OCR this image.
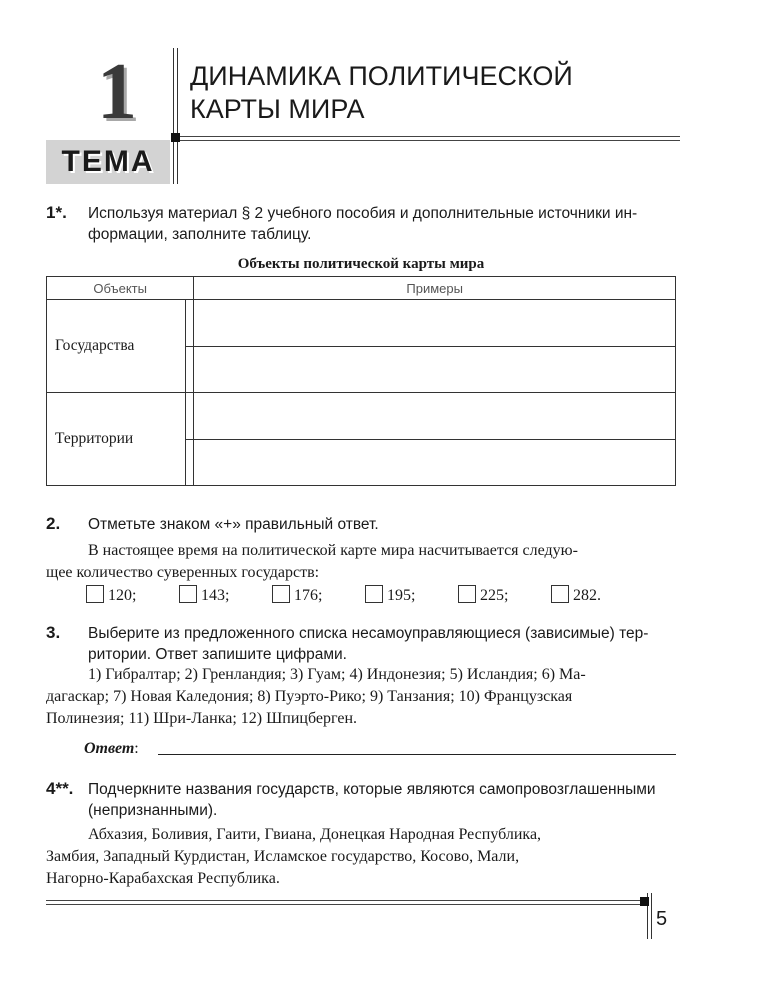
1
ТЕМА
ДИНАМИКА ПОЛИТИЧЕСКОЙ
КАРТЫ МИРА
1*. Используя материал § 2 учебного пособия и дополнительные источники ин-
формации, заполните таблицу.
Объекты политической карты мира
Объекты		Примеры
Государства		

Территории		

2. Отметьте знаком «+» правильный ответ.
В настоящее время на политической карте мира насчитывается следую-
щее количество суверенных государств:
120;	143;	176;	195;	225;	282.
3. Выберите из предложенного списка несамоуправляющиеся (зависимые) тер-
ритории. Ответ запишите цифрами.
1) Гибралтар; 2) Гренландия; 3) Гуам; 4) Индонезия; 5) Исландия; 6) Ма-
дагаскар; 7) Новая Каледония; 8) Пуэрто-Рико; 9) Танзания; 10) Французская
Полинезия; 11) Шри-Ланка; 12) Шпицберген.
Ответ:
4**. Подчеркните названия государств, которые являются самопровозглашенными
(непризнанными).
Абхазия, Боливия, Гаити, Гвиана, Донецкая Народная Республика,
Замбия, Западный Курдистан, Исламское государство, Косово, Мали,
Нагорно-Карабахская Республика.
5
